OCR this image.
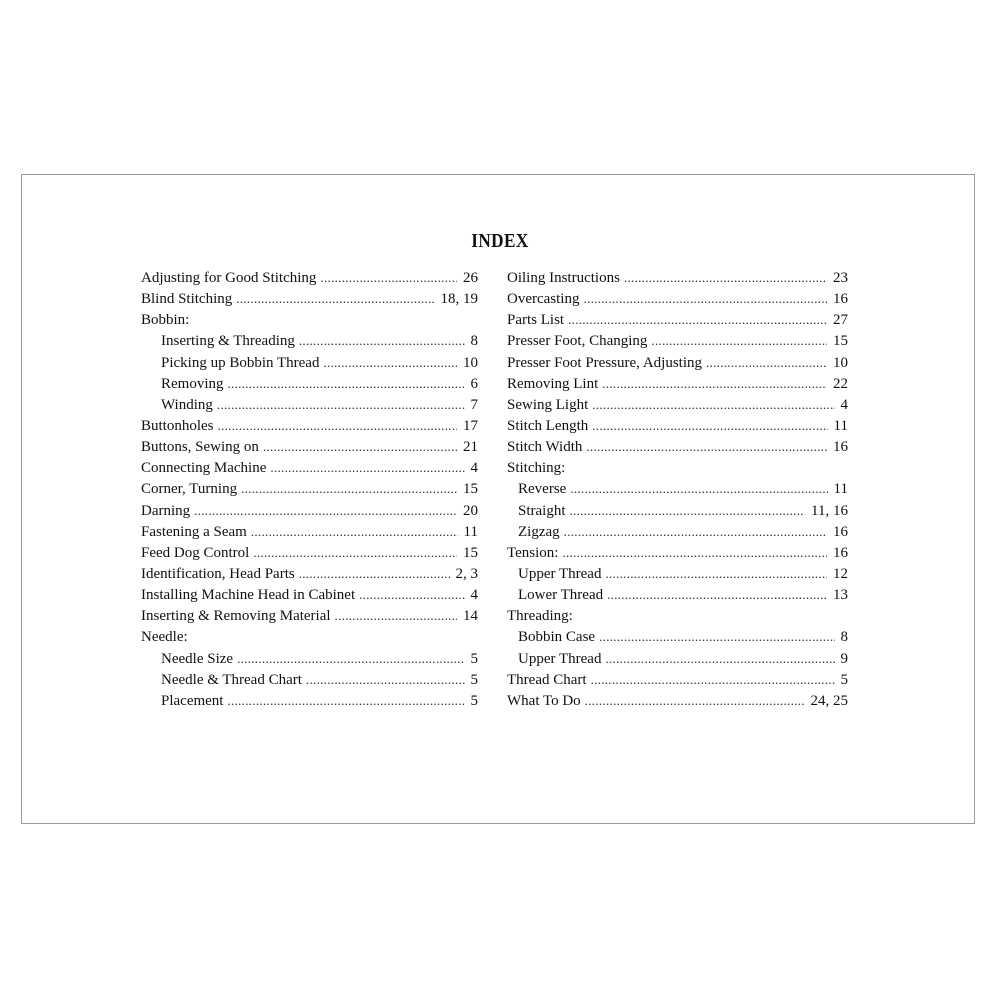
INDEX
Adjusting for Good Stitching .....	26
Blind Stitching .....	18, 19
Bobbin:
Inserting & Threading .....	8
Picking up Bobbin Thread .....	10
Removing .....	6
Winding .....	7
Buttonholes .....	17
Buttons, Sewing on .....	21
Connecting Machine .....	4
Corner, Turning .....	15
Darning .....	20
Fastening a Seam .....	11
Feed Dog Control .....	15
Identification, Head Parts .....	2, 3
Installing Machine Head in Cabinet .....	4
Inserting & Removing Material .....	14
Needle:
Needle Size .....	5
Needle & Thread Chart .....	5
Placement .....	5
Oiling Instructions .....	23
Overcasting .....	16
Parts List .....	27
Presser Foot, Changing .....	15
Presser Foot Pressure, Adjusting .....	10
Removing Lint .....	22
Sewing Light .....	4
Stitch Length .....	11
Stitch Width .....	16
Stitching:
Reverse .....	11
Straight .....	11, 16
Zigzag .....	16
Tension: .....	16
Upper Thread .....	12
Lower Thread .....	13
Threading:
Bobbin Case .....	8
Upper Thread .....	9
Thread Chart .....	5
What To Do .....	24, 25
